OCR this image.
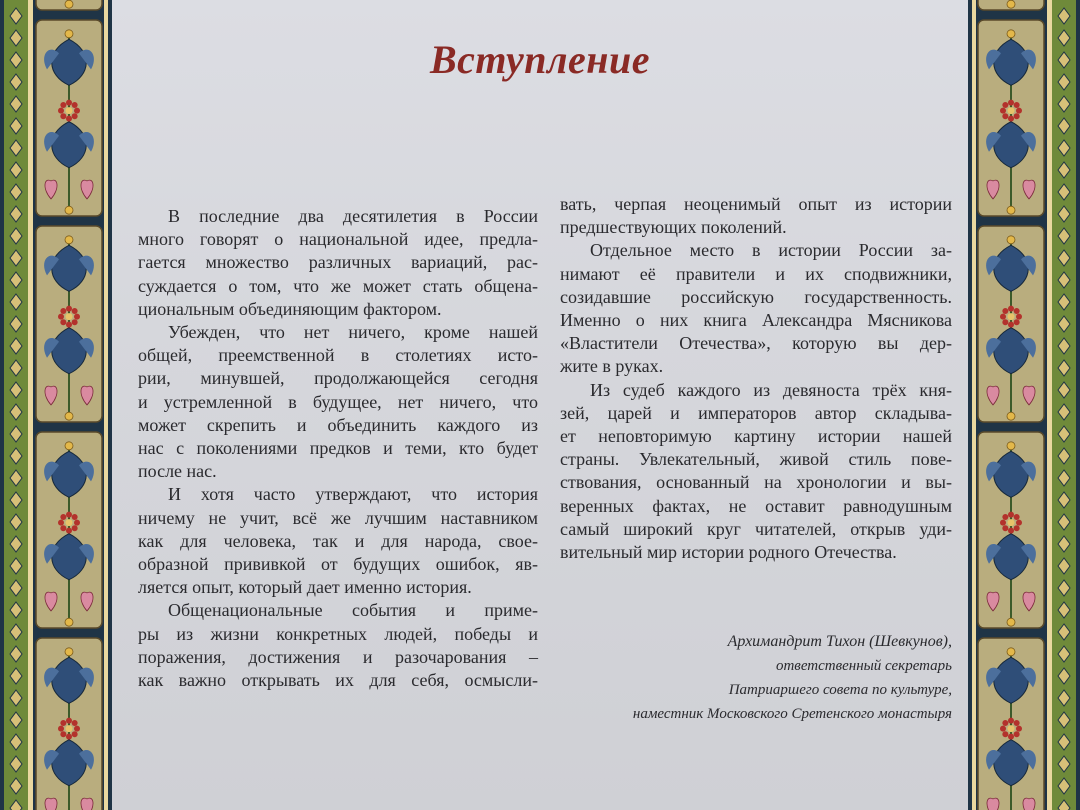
Вступление
В последние два десятилетия в России
много говорят о национальной идее, предла-
гается множество различных вариаций, рас-
суждается о том, что же может стать общена-
циональным объединяющим фактором.
Убежден, что нет ничего, кроме нашей
общей, преемственной в столетиях исто-
рии, минувшей, продолжающейся сегодня
и устремленной в будущее, нет ничего, что
может скрепить и объединить каждого из
нас с поколениями предков и теми, кто будет
после нас.
И хотя часто утверждают, что история
ничему не учит, всё же лучшим наставником
как для человека, так и для народа, свое-
образной прививкой от будущих ошибок, яв-
ляется опыт, который дает именно история.
Общенациональные события и приме-
ры из жизни конкретных людей, победы и
поражения, достижения и разочарования –
как важно открывать их для себя, осмысли-
вать, черпая неоценимый опыт из истории
предшествующих поколений.
Отдельное место в истории России за-
нимают её правители и их сподвижники,
созидавшие российскую государственность.
Именно о них книга Александра Мясникова
«Властители Отечества», которую вы дер-
жите в руках.
Из судеб каждого из девяноста трёх кня-
зей, царей и императоров автор складыва-
ет неповторимую картину истории нашей
страны. Увлекательный, живой стиль пове-
ствования, основанный на хронологии и вы-
веренных фактах, не оставит равнодушным
самый широкий круг читателей, открыв уди-
вительный мир истории родного Отечества.
Архимандрит Тихон (Шевкунов),
ответственный секретарь
Патриаршего совета по культуре,
наместник Московского Сретенского монастыря
